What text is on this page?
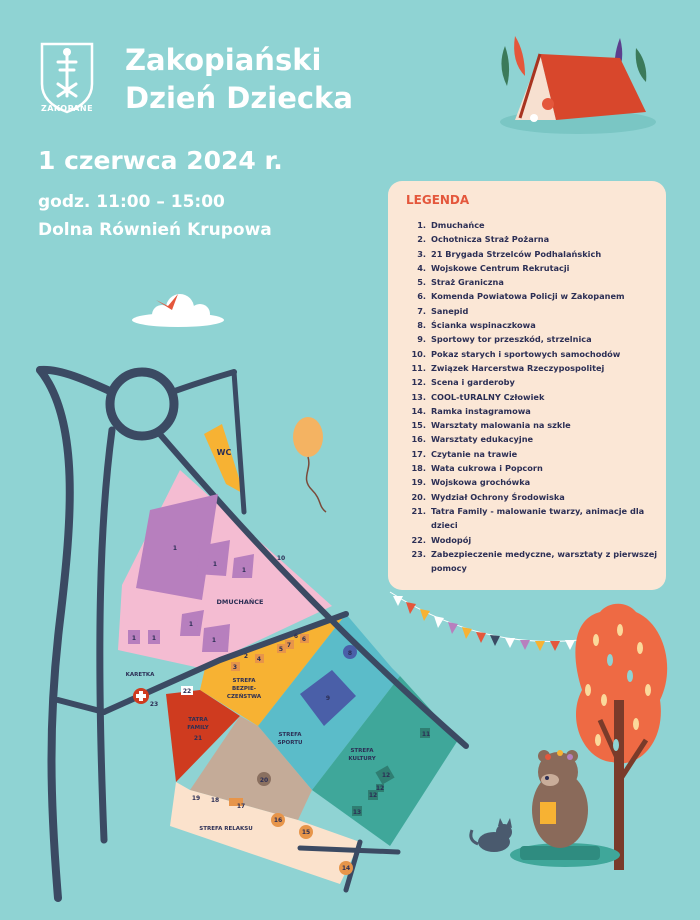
WC
DMUCHAŃCE
KARETKA
STREFA
BEZPIE-
CZEŃSTWA
TATRA
FAMILY
STREFA
SPORTU
STREFA
KULTURY
STREFA RELAKSU
1
1
1
1
1
1	1
2
3
4
5
6
7
6
8
9
10
11
12
12
12
13
14
15
16
17
18
19
20
21
22
23
ZAKOPANE
Zakopiański
Dzień Dziecka
1 czerwca 2024 r.
godz. 11:00 – 15:00
Dolna Równień Krupowa
LEGENDA
1. Dmuchańce
2. Ochotnicza Straż Pożarna
3. 21 Brygada Strzelców Podhalańskich
4. Wojskowe Centrum Rekrutacji
5. Straż Graniczna
6. Komenda Powiatowa Policji w Zakopanem
7. Sanepid
8. Ścianka wspinaczkowa
9. Sportowy tor przeszkód, strzelnica
10. Pokaz starych i sportowych samochodów
11. Związek Harcerstwa Rzeczypospolitej
12. Scena i garderoby
13. COOL-tURALNY Człowiek
14. Ramka instagramowa
15. Warsztaty malowania na szkle
16. Warsztaty edukacyjne
17. Czytanie na trawie
18. Wata cukrowa i Popcorn
19. Wojskowa grochówka
20. Wydział Ochrony Środowiska
21. Tatra Family - malowanie twarzy, animacje dla dzieci
22. Wodopój
23. Zabezpieczenie medyczne, warsztaty z pierwszej pomocy
